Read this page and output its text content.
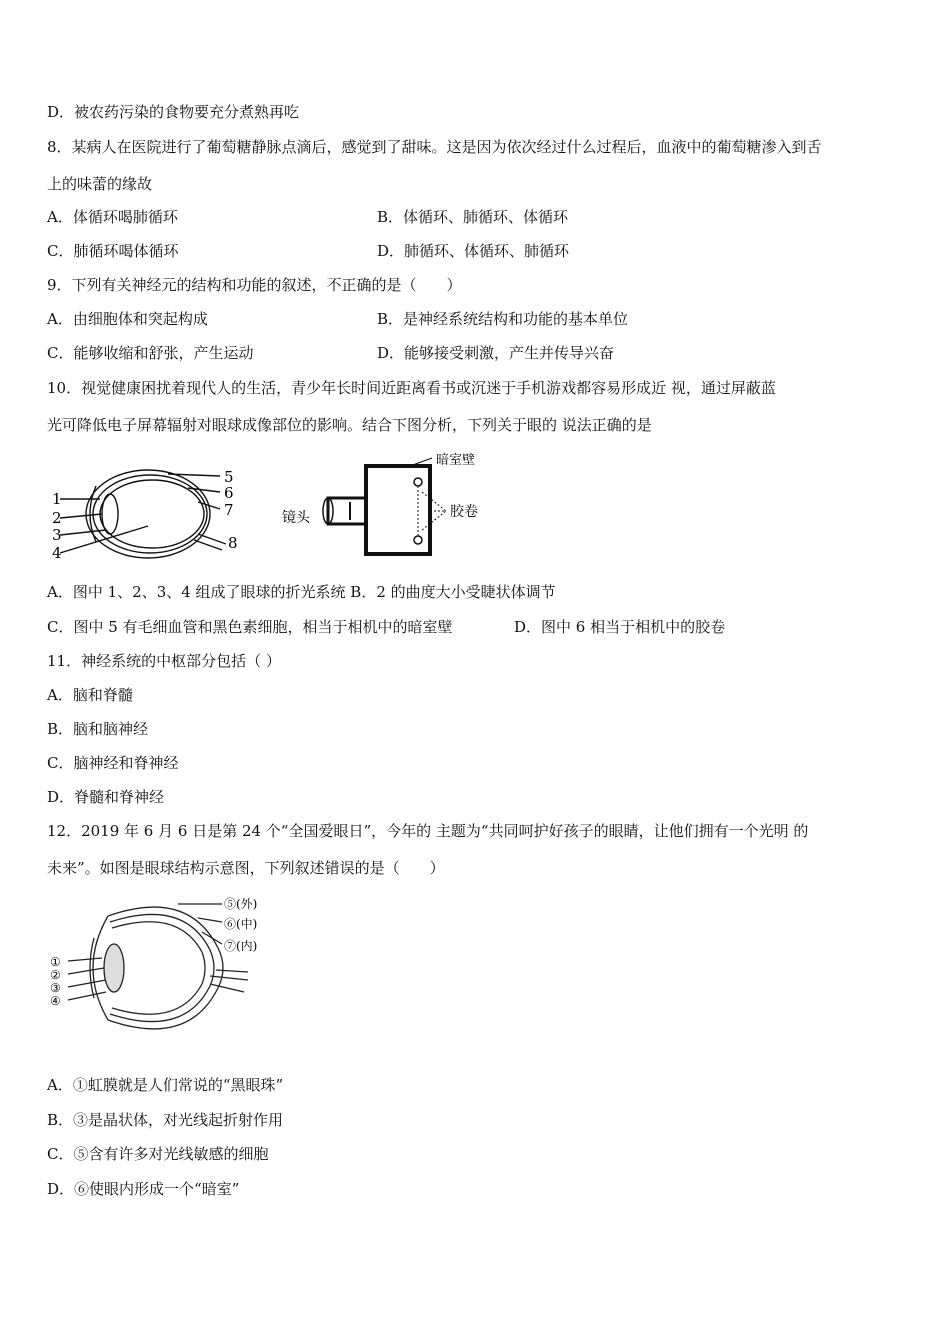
D．被农药污染的食物要充分煮熟再吃
8．某病人在医院进行了葡萄糖静脉点滴后，感觉到了甜味。这是因为依次经过什么过程后，血液中的葡萄糖渗入到舌
上的味蕾的缘故
A．体循环喝肺循环	B．体循环、肺循环、体循环
C．肺循环喝体循环	D．肺循环、体循环、肺循环
9．下列有关神经元的结构和功能的叙述，不正确的是（　　）
A．由细胞体和突起构成	B．是神经系统结构和功能的基本单位
C．能够收缩和舒张，产生运动	D．能够接受刺激，产生并传导兴奋
10．视觉健康困扰着现代人的生活，青少年长时间近距离看书或沉迷于手机游戏都容易形成近 视，通过屏蔽蓝
光可降低电子屏幕辐射对眼球成像部位的影响。结合下图分析，下列关于眼的 说法正确的是
1
2
3
4
5
6
7
8
暗室壁
镜头	胶卷
A．图中 1、2、3、4 组成了眼球的折光系统 B．2 的曲度大小受睫状体调节
C．图中 5 有毛细血管和黑色素细胞，相当于相机中的暗室壁	D．图中 6 相当于相机中的胶卷
11．神经系统的中枢部分包括（ ）
A．脑和脊髓
B．脑和脑神经
C．脑神经和脊神经
D．脊髓和脊神经
12．2019 年 6 月 6 日是第 24 个“全国爱眼日”，今年的 主题为“共同呵护好孩子的眼睛，让他们拥有一个光明 的
未来”。如图是眼球结构示意图，下列叙述错误的是（　　）
①
②
③
④
⑤(外)
⑥(中)
⑦(内)
A．①虹膜就是人们常说的“黑眼珠”
B．③是晶状体，对光线起折射作用
C．⑤含有许多对光线敏感的细胞
D．⑥使眼内形成一个“暗室”
